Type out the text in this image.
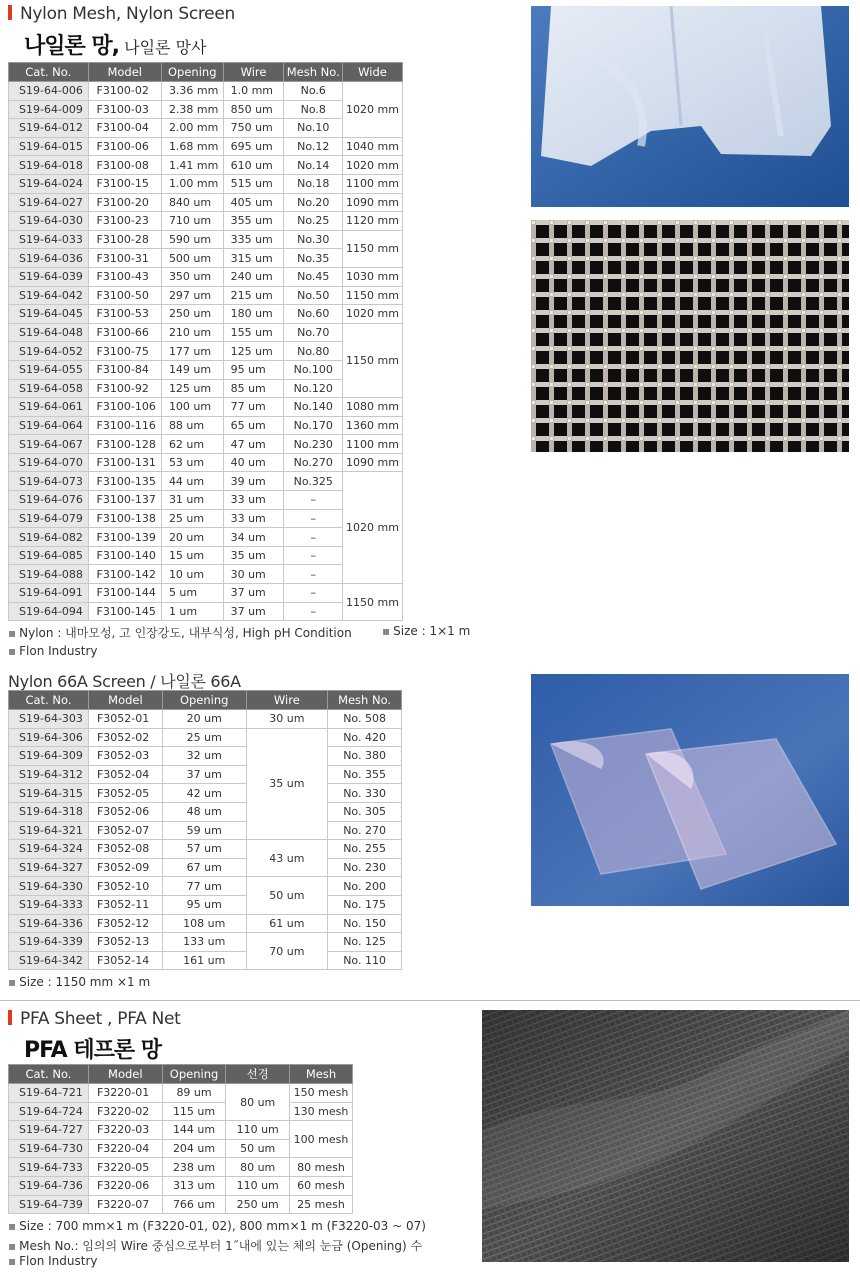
Nylon Mesh, Nylon Screen
나일론 망, 나일론 망사
Cat. No.	Model	Opening	Wire	Mesh No.	Wide
S19-64-006	F3100-02	3.36 mm	1.0 mm	No.6	1020 mm
S19-64-009	F3100-03	2.38 mm	850 um	No.8	
S19-64-012	F3100-04	2.00 mm	750 um	No.10	
S19-64-015	F3100-06	1.68 mm	695 um	No.12	1040 mm
S19-64-018	F3100-08	1.41 mm	610 um	No.14	1020 mm
S19-64-024	F3100-15	1.00 mm	515 um	No.18	1100 mm
S19-64-027	F3100-20	840 um	405 um	No.20	1090 mm
S19-64-030	F3100-23	710 um	355 um	No.25	1120 mm
S19-64-033	F3100-28	590 um	335 um	No.30	1150 mm
S19-64-036	F3100-31	500 um	315 um	No.35	
S19-64-039	F3100-43	350 um	240 um	No.45	1030 mm
S19-64-042	F3100-50	297 um	215 um	No.50	1150 mm
S19-64-045	F3100-53	250 um	180 um	No.60	1020 mm
S19-64-048	F3100-66	210 um	155 um	No.70	1150 mm
S19-64-052	F3100-75	177 um	125 um	No.80	
S19-64-055	F3100-84	149 um	95 um	No.100	
S19-64-058	F3100-92	125 um	85 um	No.120	
S19-64-061	F3100-106	100 um	77 um	No.140	1080 mm
S19-64-064	F3100-116	88 um	65 um	No.170	1360 mm
S19-64-067	F3100-128	62 um	47 um	No.230	1100 mm
S19-64-070	F3100-131	53 um	40 um	No.270	1090 mm
S19-64-073	F3100-135	44 um	39 um	No.325	1020 mm
S19-64-076	F3100-137	31 um	33 um	–	
S19-64-079	F3100-138	25 um	33 um	–	
S19-64-082	F3100-139	20 um	34 um	–	
S19-64-085	F3100-140	15 um	35 um	–	
S19-64-088	F3100-142	10 um	30 um	–	
S19-64-091	F3100-144	5 um	37 um	–	1150 mm
S19-64-094	F3100-145	1 um	37 um	–	
▪ Nylon : 내마모성, 고 인장강도, 내부식성, High pH Condition	▪ Size : 1×1 m
▪ Flon Industry
Nylon 66A Screen / 나일론 66A
Cat. No.	Model	Opening	Wire	Mesh No.
S19-64-303	F3052-01	20 um	30 um	No. 508
S19-64-306	F3052-02	25 um	35 um	No. 420
S19-64-309	F3052-03	32 um		No. 380
S19-64-312	F3052-04	37 um		No. 355
S19-64-315	F3052-05	42 um		No. 330
S19-64-318	F3052-06	48 um		No. 305
S19-64-321	F3052-07	59 um		No. 270
S19-64-324	F3052-08	57 um	43 um	No. 255
S19-64-327	F3052-09	67 um		No. 230
S19-64-330	F3052-10	77 um	50 um	No. 200
S19-64-333	F3052-11	95 um		No. 175
S19-64-336	F3052-12	108 um	61 um	No. 150
S19-64-339	F3052-13	133 um	70 um	No. 125
S19-64-342	F3052-14	161 um		No. 110
▪ Size : 1150 mm ×1 m
PFA Sheet , PFA Net
PFA 테프론 망
Cat. No.	Model	Opening	선경	Mesh
S19-64-721	F3220-01	89 um	80 um	150 mesh
S19-64-724	F3220-02	115 um		130 mesh
S19-64-727	F3220-03	144 um	110 um	100 mesh
S19-64-730	F3220-04	204 um	50 um	
S19-64-733	F3220-05	238 um	80 um	80 mesh
S19-64-736	F3220-06	313 um	110 um	60 mesh
S19-64-739	F3220-07	766 um	250 um	25 mesh
▪ Size : 700 mm×1 m (F3220-01, 02), 800 mm×1 m (F3220-03 ~ 07)
▪ Mesh No.: 임의의 Wire 중심으로부터 1˝내에 있는 체의 눈금 (Opening) 수
▪ Flon Industry
